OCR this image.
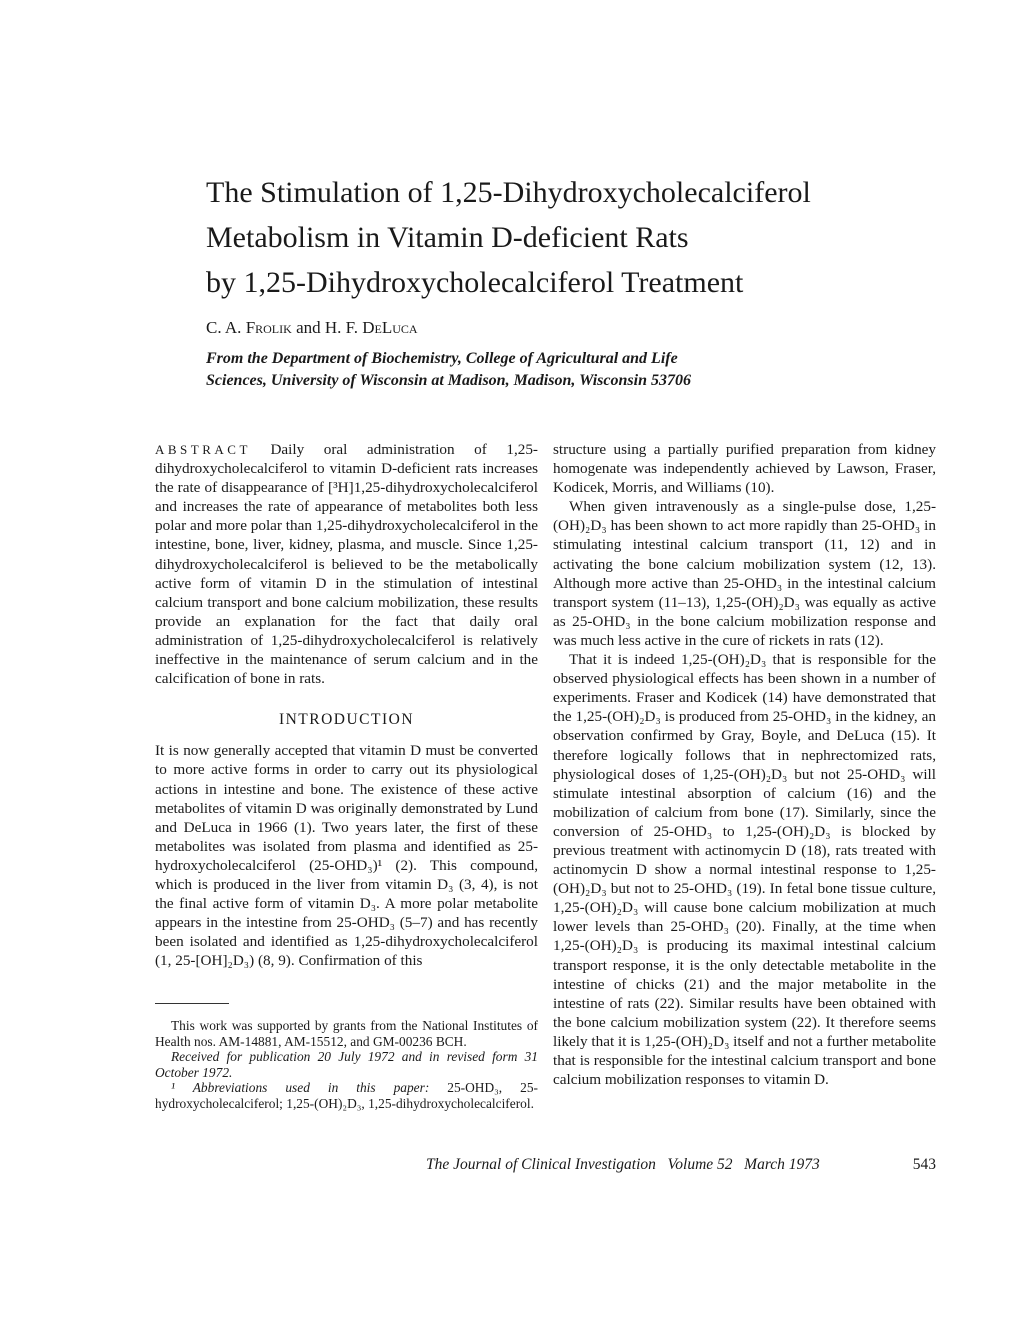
The Stimulation of 1,25-Dihydroxycholecalciferol
Metabolism in Vitamin D-deficient Rats
by 1,25-Dihydroxycholecalciferol Treatment
C. A. Frolik and H. F. DeLuca
From the Department of Biochemistry, College of Agricultural and Life
Sciences, University of Wisconsin at Madison, Madison, Wisconsin 53706

ABSTRACT Daily oral administration of 1,25-dihydroxycholecalciferol to vitamin D-deficient rats increases the rate of disappearance of [³H]1,25-dihydroxycholecalciferol and increases the rate of appearance of metabolites both less polar and more polar than 1,25-dihydroxycholecalciferol in the intestine, bone, liver, kidney, plasma, and muscle. Since 1,25-dihydroxycholecalciferol is believed to be the metabolically active form of vitamin D in the stimulation of intestinal calcium transport and bone calcium mobilization, these results provide an explanation for the fact that daily oral administration of 1,25-dihydroxycholecalciferol is relatively ineffective in the maintenance of serum calcium and in the calcification of bone in rats.

INTRODUCTION

It is now generally accepted that vitamin D must be converted to more active forms in order to carry out its physiological actions in intestine and bone. The existence of these active metabolites of vitamin D was originally demonstrated by Lund and DeLuca in 1966 (1). Two years later, the first of these metabolites was isolated from plasma and identified as 25-hydroxycholecalciferol (25-OHD₃)¹ (2). This compound, which is produced in the liver from vitamin D₃ (3, 4), is not the final active form of vitamin D₃. A more polar metabolite appears in the intestine from 25-OHD₃ (5–7) and has recently been isolated and identified as 1,25-dihydroxycholecalciferol (1, 25-[OH]₂D₃) (8, 9). Confirmation of this

structure using a partially purified preparation from kidney homogenate was independently achieved by Lawson, Fraser, Kodicek, Morris, and Williams (10).

When given intravenously as a single-pulse dose, 1,25-(OH)₂D₃ has been shown to act more rapidly than 25-OHD₃ in stimulating intestinal calcium transport (11, 12) and in activating the bone calcium mobilization system (12, 13). Although more active than 25-OHD₃ in the intestinal calcium transport system (11–13), 1,25-(OH)₂D₃ was equally as active as 25-OHD₃ in the bone calcium mobilization response and was much less active in the cure of rickets in rats (12).

That it is indeed 1,25-(OH)₂D₃ that is responsible for the observed physiological effects has been shown in a number of experiments. Fraser and Kodicek (14) have demonstrated that the 1,25-(OH)₂D₃ is produced from 25-OHD₃ in the kidney, an observation confirmed by Gray, Boyle, and DeLuca (15). It therefore logically follows that in nephrectomized rats, physiological doses of 1,25-(OH)₂D₃ but not 25-OHD₃ will stimulate intestinal absorption of calcium (16) and the mobilization of calcium from bone (17). Similarly, since the conversion of 25-OHD₃ to 1,25-(OH)₂D₃ is blocked by previous treatment with actinomycin D (18), rats treated with actinomycin D show a normal intestinal response to 1,25-(OH)₂D₃ but not to 25-OHD₃ (19). In fetal bone tissue culture, 1,25-(OH)₂D₃ will cause bone calcium mobilization at much lower levels than 25-OHD₃ (20). Finally, at the time when 1,25-(OH)₂D₃ is producing its maximal intestinal calcium transport response, it is the only detectable metabolite in the intestine of chicks (21) and the major metabolite in the intestine of rats (22). Similar results have been obtained with the bone calcium mobilization system (22). It therefore seems likely that it is 1,25-(OH)₂D₃ itself and not a further metabolite that is responsible for the intestinal calcium transport and bone calcium mobilization responses to vitamin D.

This work was supported by grants from the National Institutes of Health nos. AM-14881, AM-15512, and GM-00236 BCH.

Received for publication 20 July 1972 and in revised form 31 October 1972.

¹ Abbreviations used in this paper: 25-OHD₃, 25-hydroxycholecalciferol; 1,25-(OH)₂D₃, 1,25-dihydroxycholecalciferol.

The Journal of Clinical Investigation Volume 52 March 1973	543
